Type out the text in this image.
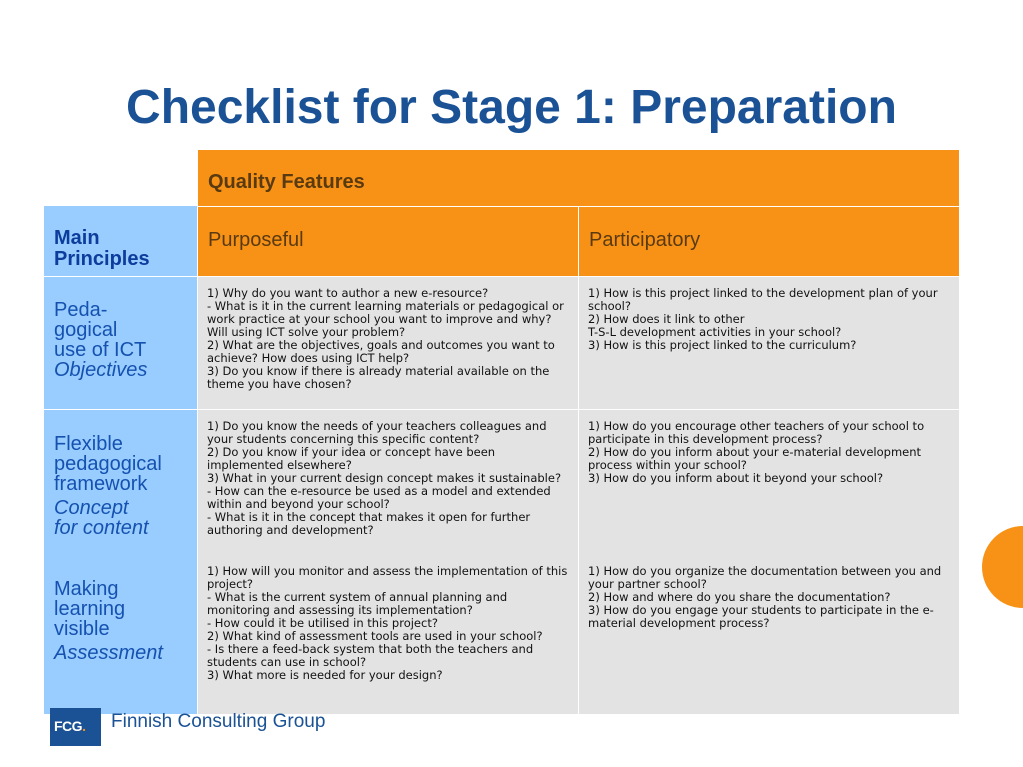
Checklist for Stage 1: Preparation
Quality Features
Main Principles
Purposeful	Participatory
Peda-
gogical
use of ICT
Objectives
1) Why do you want to author a new e-resource?
- What is it in the current learning materials or pedagogical or work practice at your school you want to improve and why? Will using ICT solve your problem?
2) What are the objectives, goals and outcomes you want to achieve? How does using ICT help?
3) Do you know if there is already material available on the theme you have chosen?
1) How is this project linked to the development plan of your school?
2) How does it link to other
T-S-L development activities in your school?
3) How is this project linked to the curriculum?
Flexible
pedagogical
framework
Concept
for content
1) Do you know the needs of your teachers colleagues and your students concerning this specific content?
2) Do you know if your idea or concept have been implemented elsewhere?
3) What in your current design concept makes it sustainable?
- How can the e-resource be used as a model and extended within and beyond your school?
- What is it in the concept that makes it open for further authoring and development?
1) How do you encourage other teachers of your school to participate in this development process?
2) How do you inform about your e-material development process within your school?
3) How do you inform about it beyond your school?
Making
learning
visible
Assessment
1) How will you monitor and assess the implementation of this project?
- What is the current system of annual planning and monitoring and assessing its implementation?
- How could it be utilised in this project?
2) What kind of assessment tools are used in your school?
- Is there a feed-back system that both the teachers and students can use in school?
3) What more is needed for your design?
1) How do you organize the documentation between you and your partner school?
2) How and where do you share the documentation?
3) How do you engage your students to participate in the e-material development process?
FCG.	Finnish Consulting Group
